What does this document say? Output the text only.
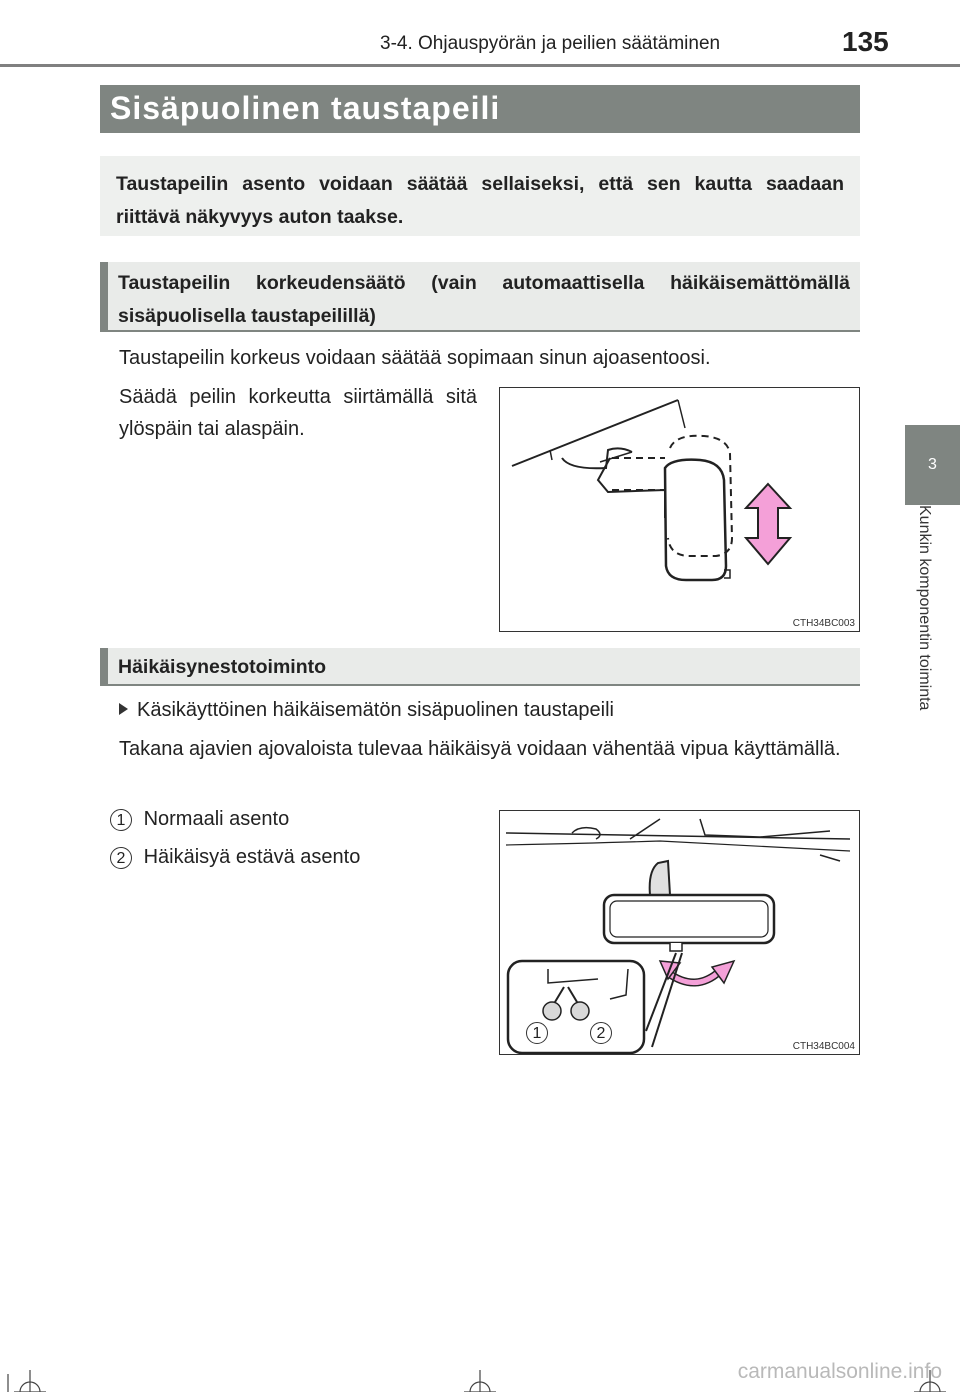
3-4. Ohjauspyörän ja peilien säätäminen	135
3
Kunkin komponentin toiminta
Sisäpuolinen taustapeili
Taustapeilin asento voidaan säätää sellaiseksi, että sen kautta saadaan riittävä näkyvyys auton taakse.
Taustapeilin korkeudensäätö (vain automaattisella häikäisemättömällä sisäpuolisella taustapeilillä)
Taustapeilin korkeus voidaan säätää sopimaan sinun ajoasentoosi.
Säädä peilin korkeutta siirtämällä sitä ylöspäin tai alaspäin.
CTH34BC003
Häikäisynestotoiminto
Käsikäyttöinen häikäisemätön sisäpuolinen taustapeili
Takana ajavien ajovaloista tulevaa häikäisyä voidaan vähentää vipua käyttämällä.
1 Normaali asento
2 Häikäisyä estävä asento
1	2
CTH34BC004
carmanualsonline.info
